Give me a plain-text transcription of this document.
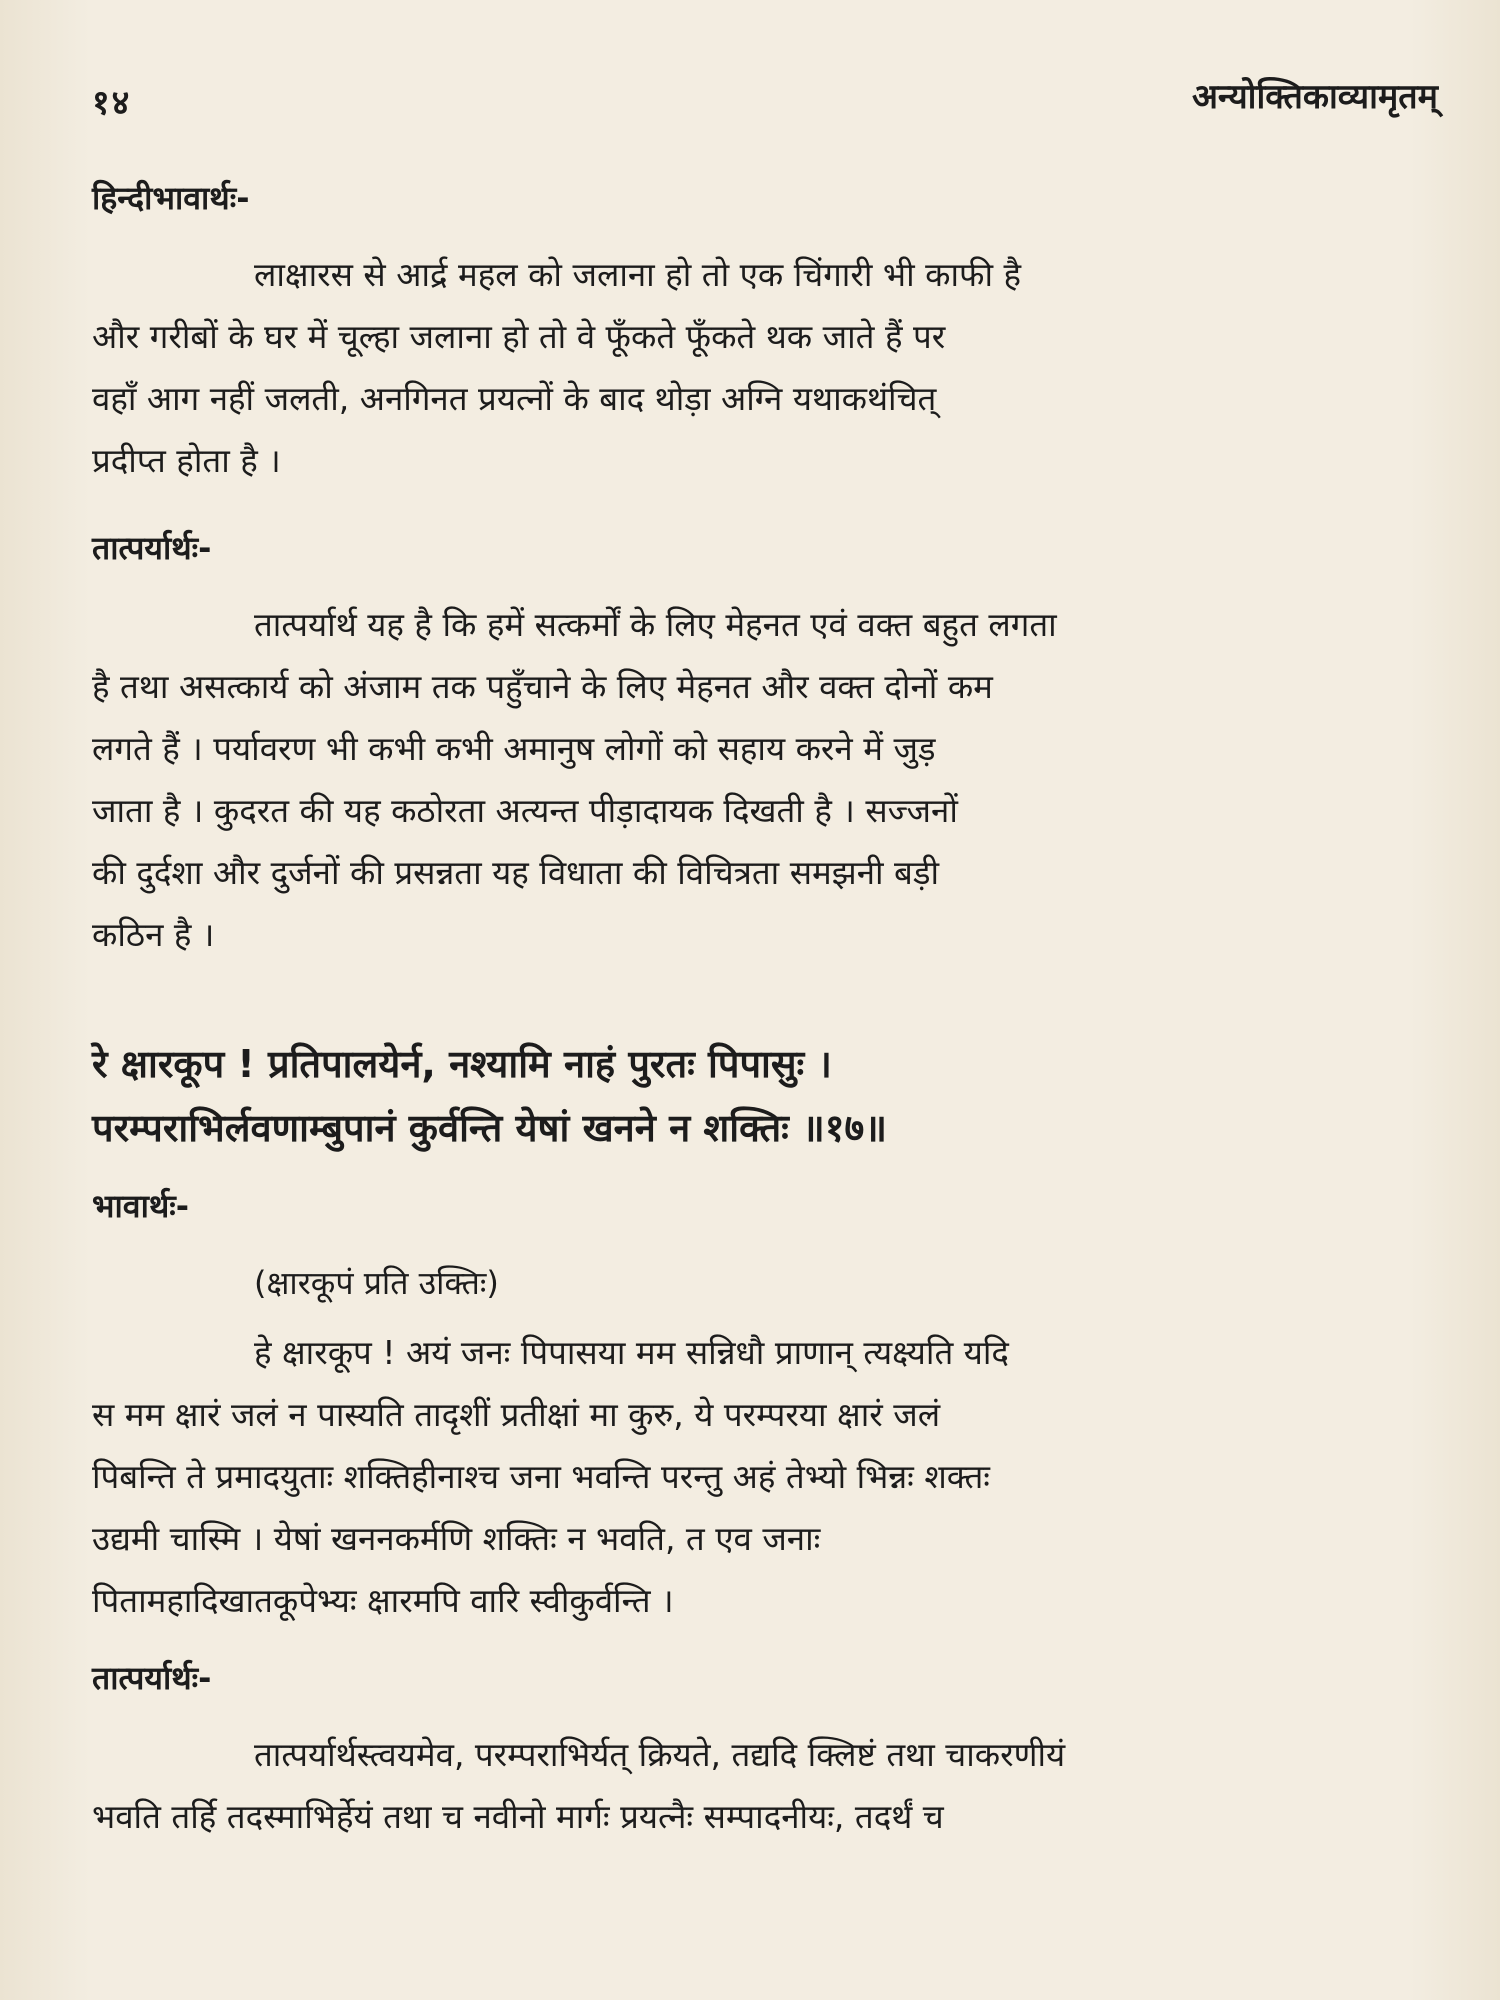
१४	अन्योक्तिकाव्यामृतम्
हिन्दीभावार्थः-

लाक्षारस से आर्द्र महल को जलाना हो तो एक चिंगारी भी काफी है
और गरीबों के घर में चूल्हा जलाना हो तो वे फूँकते फूँकते थक जाते हैं पर
वहाँ आग नहीं जलती, अनगिनत प्रयत्नों के बाद थोड़ा अग्नि यथाकथंचित्
प्रदीप्त होता है ।

तात्पर्यार्थः-

तात्पर्यार्थ यह है कि हमें सत्कर्मों के लिए मेहनत एवं वक्त बहुत लगता
है तथा असत्कार्य को अंजाम तक पहुँचाने के लिए मेहनत और वक्त दोनों कम
लगते हैं । पर्यावरण भी कभी कभी अमानुष लोगों को सहाय करने में जुड़
जाता है । कुदरत की यह कठोरता अत्यन्त पीड़ादायक दिखती है । सज्जनों
की दुर्दशा और दुर्जनों की प्रसन्नता यह विधाता की विचित्रता समझनी बड़ी
कठिन है ।

रे क्षारकूप ! प्रतिपालयेर्न, नश्यामि नाहं पुरतः पिपासुः ।

परम्पराभिर्लवणाम्बुपानं कुर्वन्ति येषां खनने न शक्तिः ॥१७॥

भावार्थः-

(क्षारकूपं प्रति उक्तिः)

हे क्षारकूप ! अयं जनः पिपासया मम सन्निधौ प्राणान् त्यक्ष्यति यदि
स मम क्षारं जलं न पास्यति तादृशीं प्रतीक्षां मा कुरु, ये परम्परया क्षारं जलं
पिबन्ति ते प्रमादयुताः शक्तिहीनाश्च जना भवन्ति परन्तु अहं तेभ्यो भिन्नः शक्तः
उद्यमी चास्मि । येषां खननकर्मणि शक्तिः न भवति, त एव जनाः
पितामहादिखातकूपेभ्यः क्षारमपि वारि स्वीकुर्वन्ति ।

तात्पर्यार्थः-

तात्पर्यार्थस्त्वयमेव, परम्पराभिर्यत् क्रियते, तद्यदि क्लिष्टं तथा चाकरणीयं
भवति तर्हि तदस्माभिर्हेयं तथा च नवीनो मार्गः प्रयत्नैः सम्पादनीयः, तदर्थं च
